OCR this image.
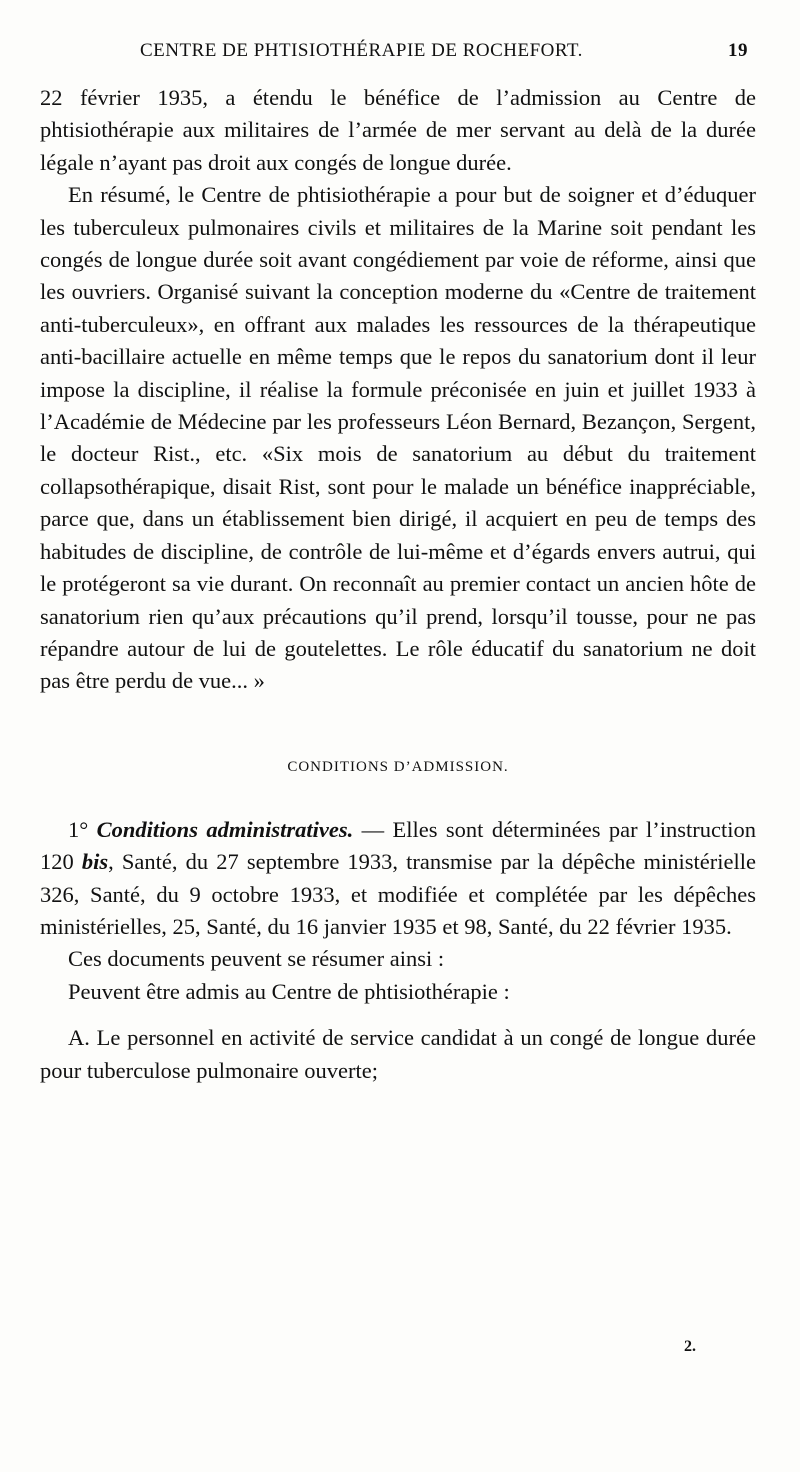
CENTRE DE PHTISIOTHÉRAPIE DE ROCHEFORT.	19

22 février 1935, a étendu le bénéfice de l’admission au Centre de phtisiothérapie aux militaires de l’armée de mer servant au delà de la durée légale n’ayant pas droit aux congés de longue durée.

En résumé, le Centre de phtisiothérapie a pour but de soigner et d’éduquer les tuberculeux pulmonaires civils et militaires de la Marine soit pendant les congés de longue durée soit avant congédiement par voie de réforme, ainsi que les ouvriers. Organisé suivant la conception moderne du «Centre de traitement anti-tuberculeux», en offrant aux malades les ressources de la thérapeutique anti-bacillaire actuelle en même temps que le repos du sanatorium dont il leur impose la discipline, il réalise la formule préconisée en juin et juillet 1933 à l’Académie de Médecine par les professeurs Léon Bernard, Bezançon, Sergent, le docteur Rist., etc. «Six mois de sanatorium au début du traitement collapsothérapique, disait Rist, sont pour le malade un bénéfice inappréciable, parce que, dans un établissement bien dirigé, il acquiert en peu de temps des habitudes de discipline, de contrôle de lui-même et d’égards envers autrui, qui le protégeront sa vie durant. On reconnaît au premier contact un ancien hôte de sanatorium rien qu’aux précautions qu’il prend, lorsqu’il tousse, pour ne pas répandre autour de lui de goutelettes. Le rôle éducatif du sanatorium ne doit pas être perdu de vue... »

CONDITIONS D’ADMISSION.

1° Conditions administratives. — Elles sont déterminées par l’instruction 120 bis, Santé, du 27 septembre 1933, transmise par la dépêche ministérielle 326, Santé, du 9 octobre 1933, et modifiée et complétée par les dépêches ministérielles, 25, Santé, du 16 janvier 1935 et 98, Santé, du 22 février 1935.

Ces documents peuvent se résumer ainsi :

Peuvent être admis au Centre de phtisiothérapie :

A. Le personnel en activité de service candidat à un congé de longue durée pour tuberculose pulmonaire ouverte;

2.
